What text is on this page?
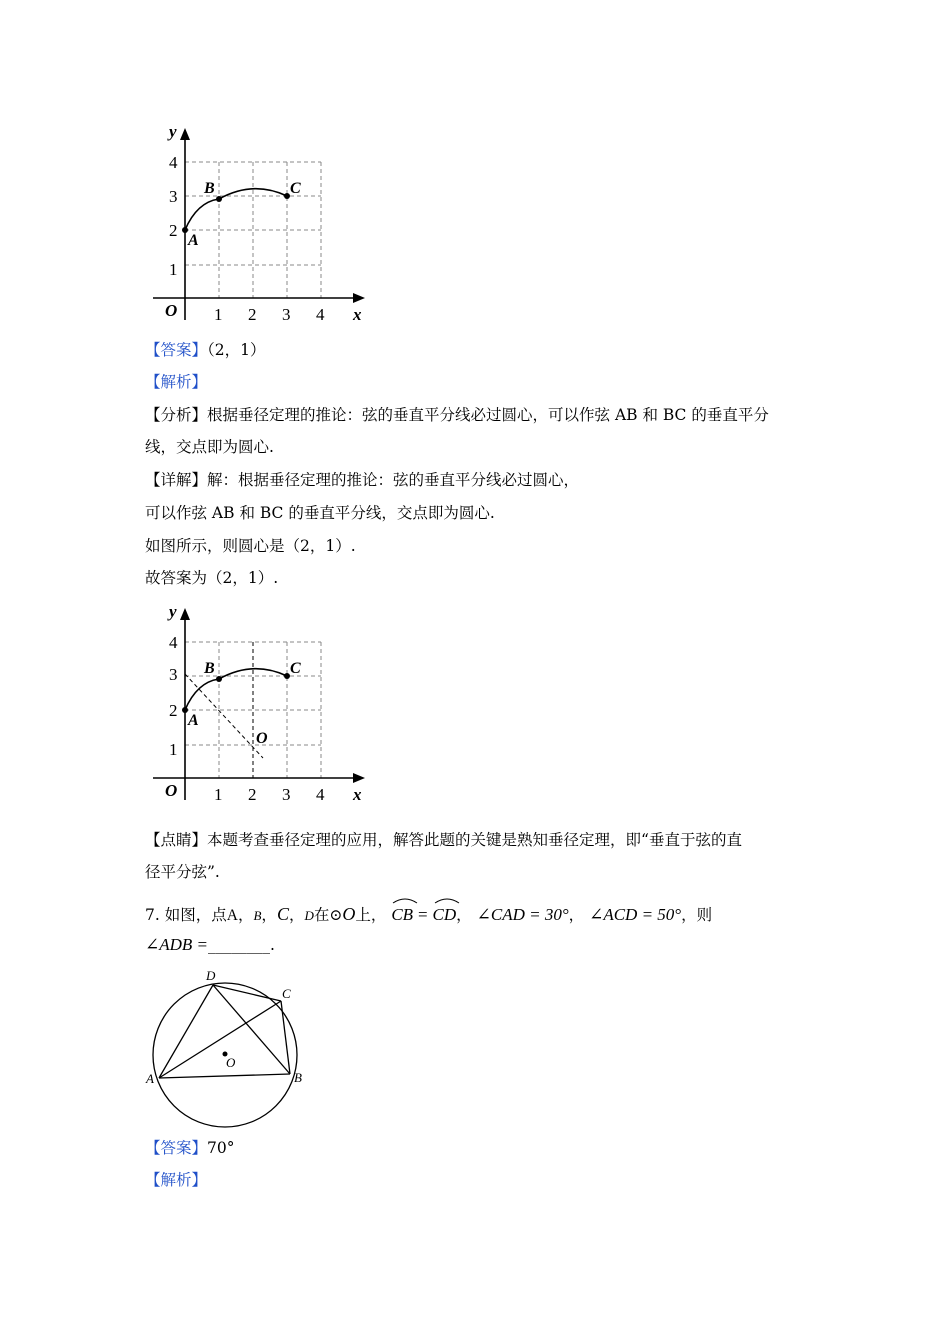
y
x
O 1 2 3 4
1
2
3
4
A
B	C
【答案】（2，1）
【解析】
【分析】根据垂径定理的推论：弦的垂直平分线必过圆心，可以作弦 AB 和 BC 的垂直平分
线，交点即为圆心.
【详解】解：根据垂径定理的推论：弦的垂直平分线必过圆心，
可以作弦 AB 和 BC 的垂直平分线，交点即为圆心.
如图所示，则圆心是（2，1）.
故答案为（2，1）.
y
x
O 1 2 3 4
1
2
3
4
A
B	C
O
【点睛】本题考查垂径定理的应用，解答此题的关键是熟知垂径定理，即“垂直于弦的直
径平分弦”.
7. 如图，点A，B，C，D在⊙O上， CB = CD， ∠CAD = 30°， ∠ACD = 50°，则
∠ADB =________.
A	B
C
D
O
【答案】70°
【解析】
